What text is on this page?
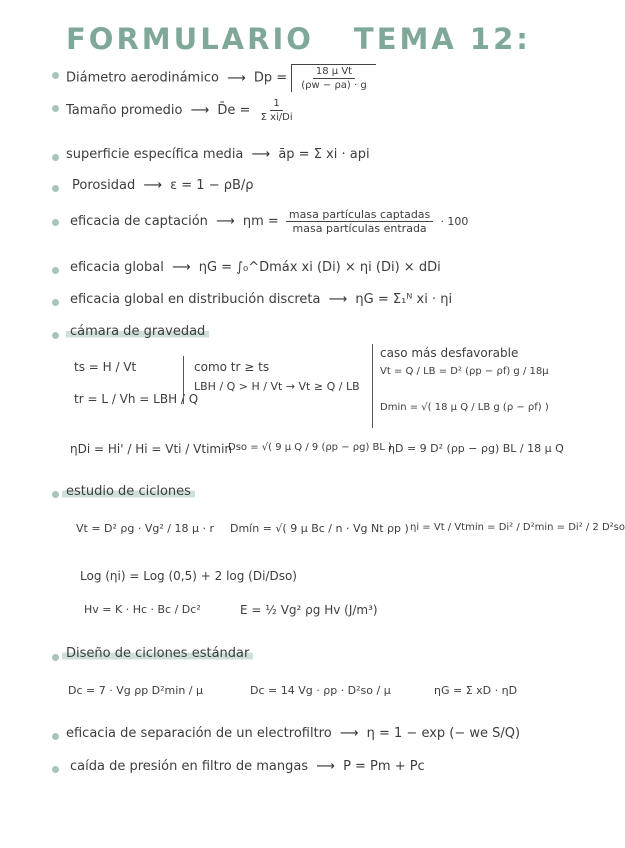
FORMULARIO TEMA 12:
Diámetro aerodinámico ⟶ $Dp = \frac{\text{18 μ Vt}}{(\rho w - \rho a) \cdot g}$
Tamaño promedio ⟶ D̄e = $\frac{1}{\text{Σ xi/Di}}$
superficie específica media ⟶ āp = Σ xi · api
Porosidad ⟶ ε = 1 − ρB/ρ
eficacia de captación ⟶ $\eta m = \frac{\text{masa partículas captadas}}{\text{masa partículas entrada}} \cdot 100$
eficacia global ⟶ ηG = ∫₀^Dmáx xi (Di) × ηi (Di) × dDi
eficacia global en distribución discreta ⟶ ηG = Σ₁ᴺ xi · ηi
cámara de gravedad
ts = H / Vt
tr = L / Vh = LBH / Q
como tr ≥ ts
LBH / Q > H / Vt → Vt ≥ Q / LB
caso más desfavorable
Vt = Q / LB = D² (ρp − ρf) g / 18μ
Dmin = √( 18 μ Q / LB g (ρ − ρf) )
ηDi = Hi' / Hi = Vti / Vtimin
Dso = √( 9 μ Q / 9 (ρp − ρg) BL )
ηD = 9 D² (ρp − ρg) BL / 18 μ Q
estudio de ciclones
Vt = D² ρg · Vg² / 18 μ · r Dmín = √( 9 μ Bc / n · Vg Nt ρp ) ηi = Vt / Vtmin = Di² / D²min = Di² / 2 D²so
Log (ηi) = Log (0,5) + 2 log (Di/Dso)
Hv = K · Hc · Bc / Dc²	E = ½ Vg² ρg Hv (J/m³)
Diseño de ciclones estándar
Dc = 7 · Vg ρp D²min / μ	Dc = 14 Vg · ρp · D²so / μ	ηG = Σ xD · ηD
eficacia de separación de un electrofiltro ⟶ η = 1 − exp (− we S/Q)
caída de presión en filtro de mangas ⟶ P = Pm + Pc
